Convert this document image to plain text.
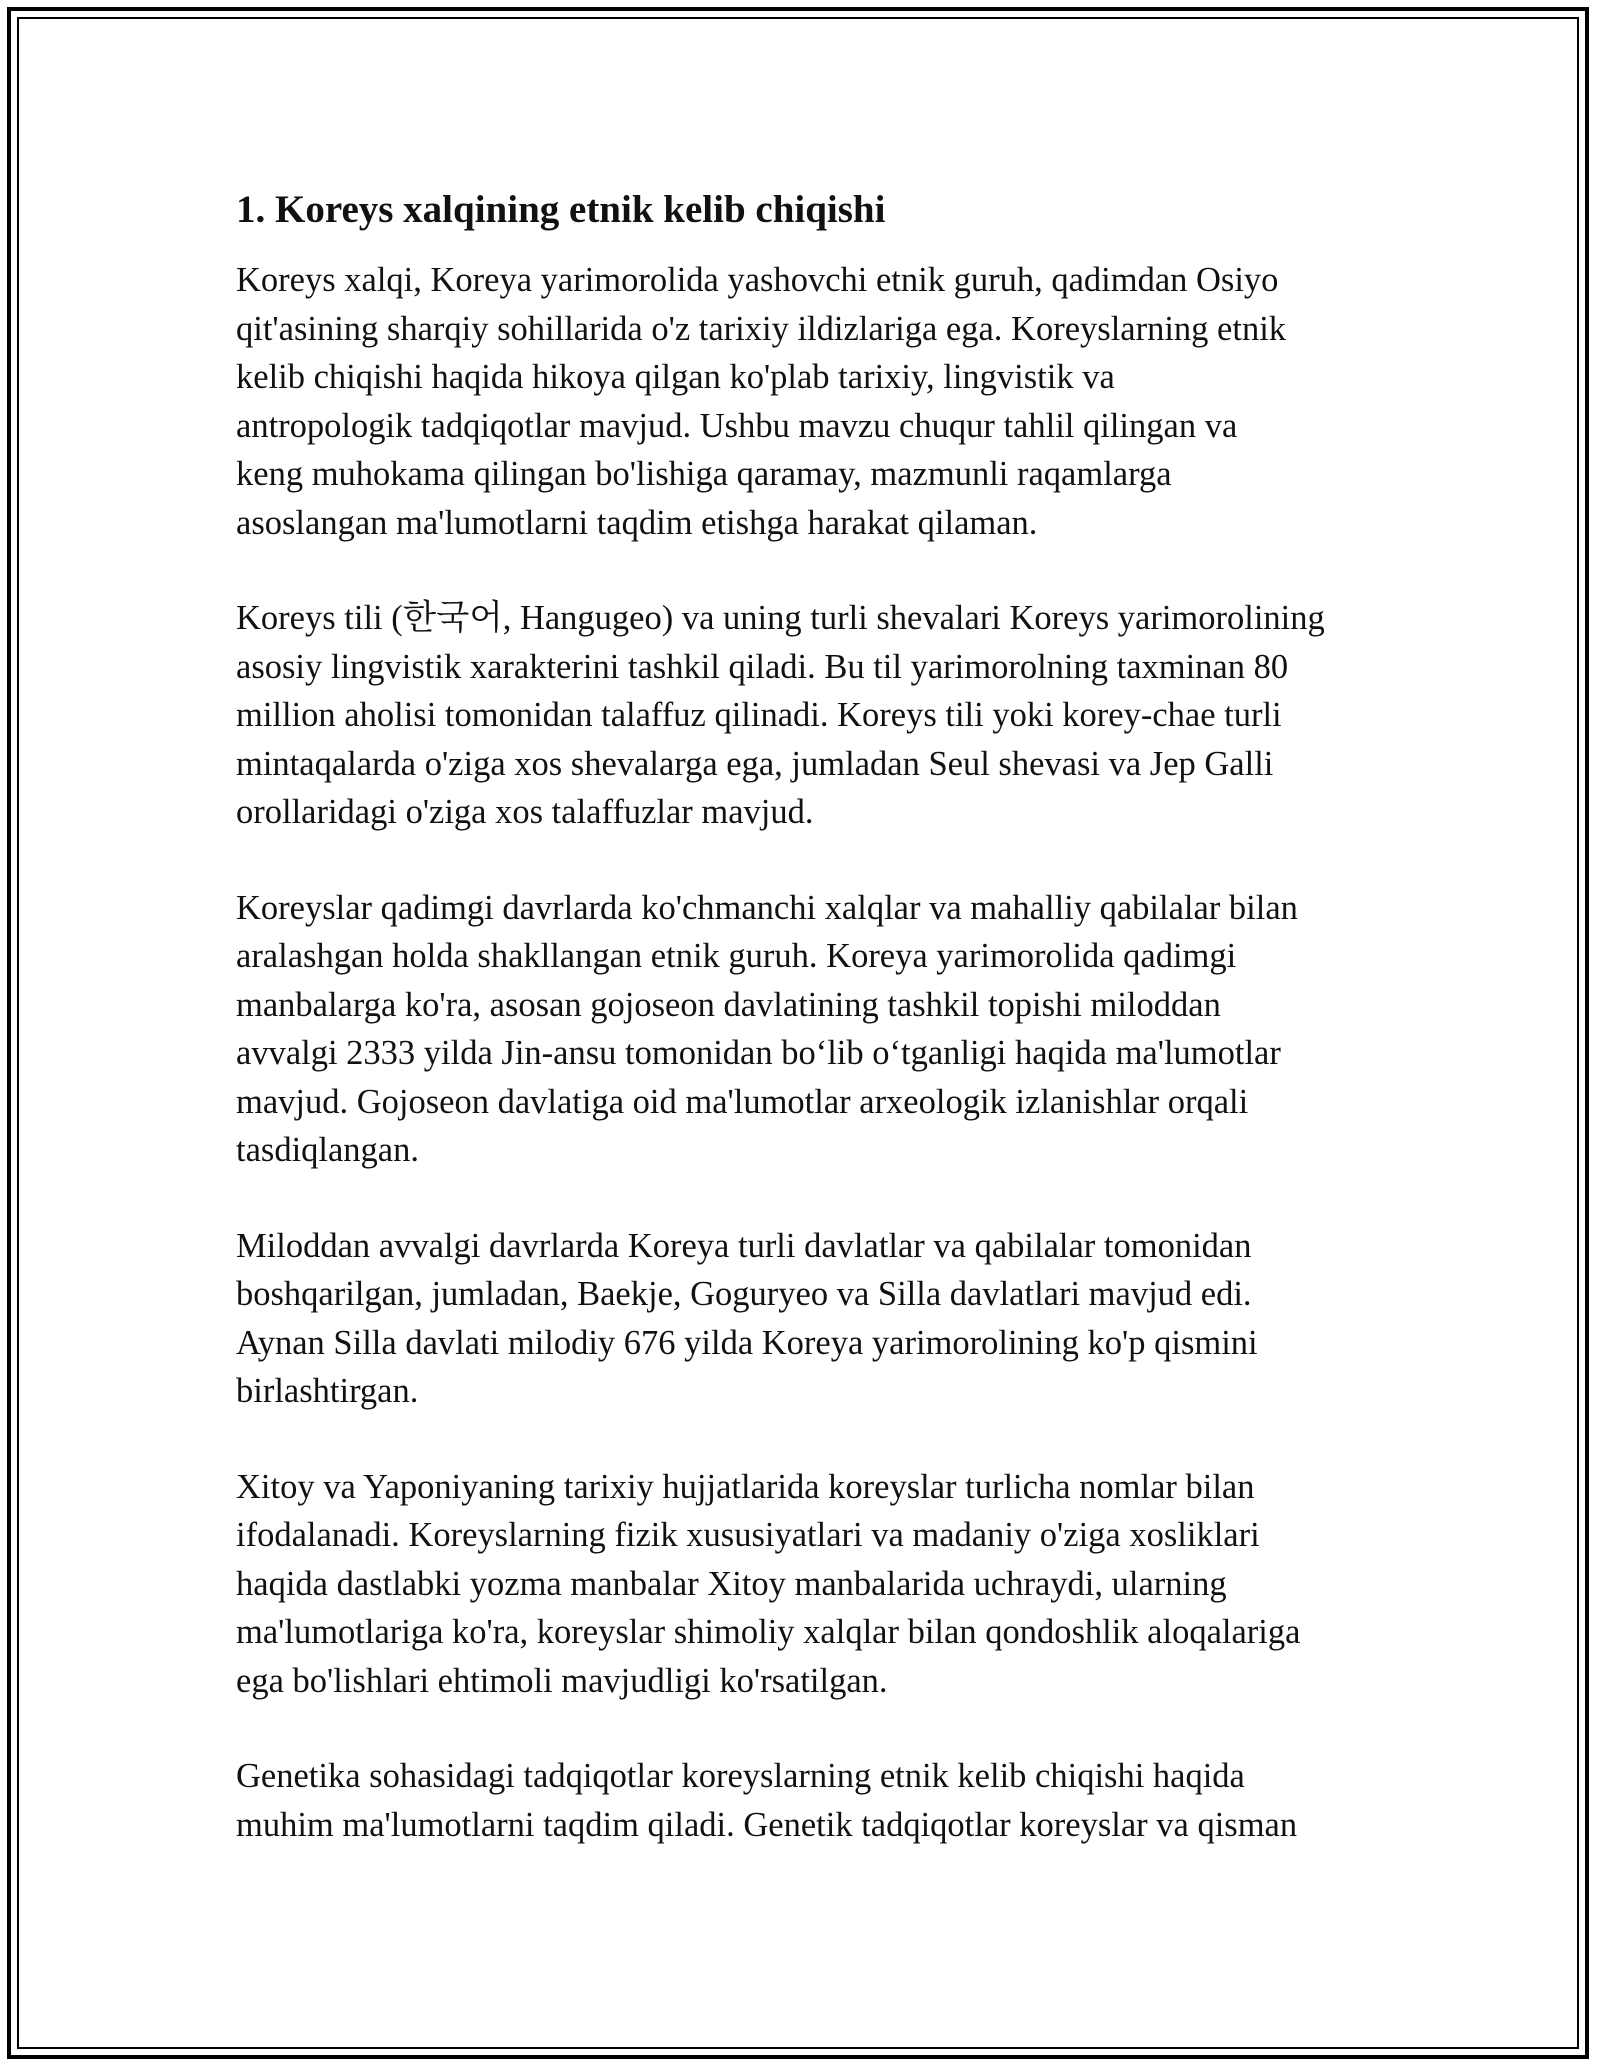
1. Koreys xalqining etnik kelib chiqishi

Koreys xalqi, Koreya yarimorolida yashovchi etnik guruh, qadimdan Osiyo
qit'asining sharqiy sohillarida o'z tarixiy ildizlariga ega. Koreyslarning etnik
kelib chiqishi haqida hikoya qilgan ko'plab tarixiy, lingvistik va
antropologik tadqiqotlar mavjud. Ushbu mavzu chuqur tahlil qilingan va
keng muhokama qilingan bo'lishiga qaramay, mazmunli raqamlarga
asoslangan ma'lumotlarni taqdim etishga harakat qilaman.

Koreys tili (한국어, Hangugeo) va uning turli shevalari Koreys yarimorolining
asosiy lingvistik xarakterini tashkil qiladi. Bu til yarimorolning taxminan 80
million aholisi tomonidan talaffuz qilinadi. Koreys tili yoki korey-chae turli
mintaqalarda o'ziga xos shevalarga ega, jumladan Seul shevasi va Jep Galli
orollaridagi o'ziga xos talaffuzlar mavjud.

Koreyslar qadimgi davrlarda ko'chmanchi xalqlar va mahalliy qabilalar bilan
aralashgan holda shakllangan etnik guruh. Koreya yarimorolida qadimgi
manbalarga ko'ra, asosan gojoseon davlatining tashkil topishi miloddan
avvalgi 2333 yilda Jin-ansu tomonidan bo‘lib o‘tganligi haqida ma'lumotlar
mavjud. Gojoseon davlatiga oid ma'lumotlar arxeologik izlanishlar orqali
tasdiqlangan.

Miloddan avvalgi davrlarda Koreya turli davlatlar va qabilalar tomonidan
boshqarilgan, jumladan, Baekje, Goguryeo va Silla davlatlari mavjud edi.
Aynan Silla davlati milodiy 676 yilda Koreya yarimorolining ko'p qismini
birlashtirgan.

Xitoy va Yaponiyaning tarixiy hujjatlarida koreyslar turlicha nomlar bilan
ifodalanadi. Koreyslarning fizik xususiyatlari va madaniy o'ziga xosliklari
haqida dastlabki yozma manbalar Xitoy manbalarida uchraydi, ularning
ma'lumotlariga ko'ra, koreyslar shimoliy xalqlar bilan qondoshlik aloqalariga
ega bo'lishlari ehtimoli mavjudligi ko'rsatilgan.

Genetika sohasidagi tadqiqotlar koreyslarning etnik kelib chiqishi haqida
muhim ma'lumotlarni taqdim qiladi. Genetik tadqiqotlar koreyslar va qisman
